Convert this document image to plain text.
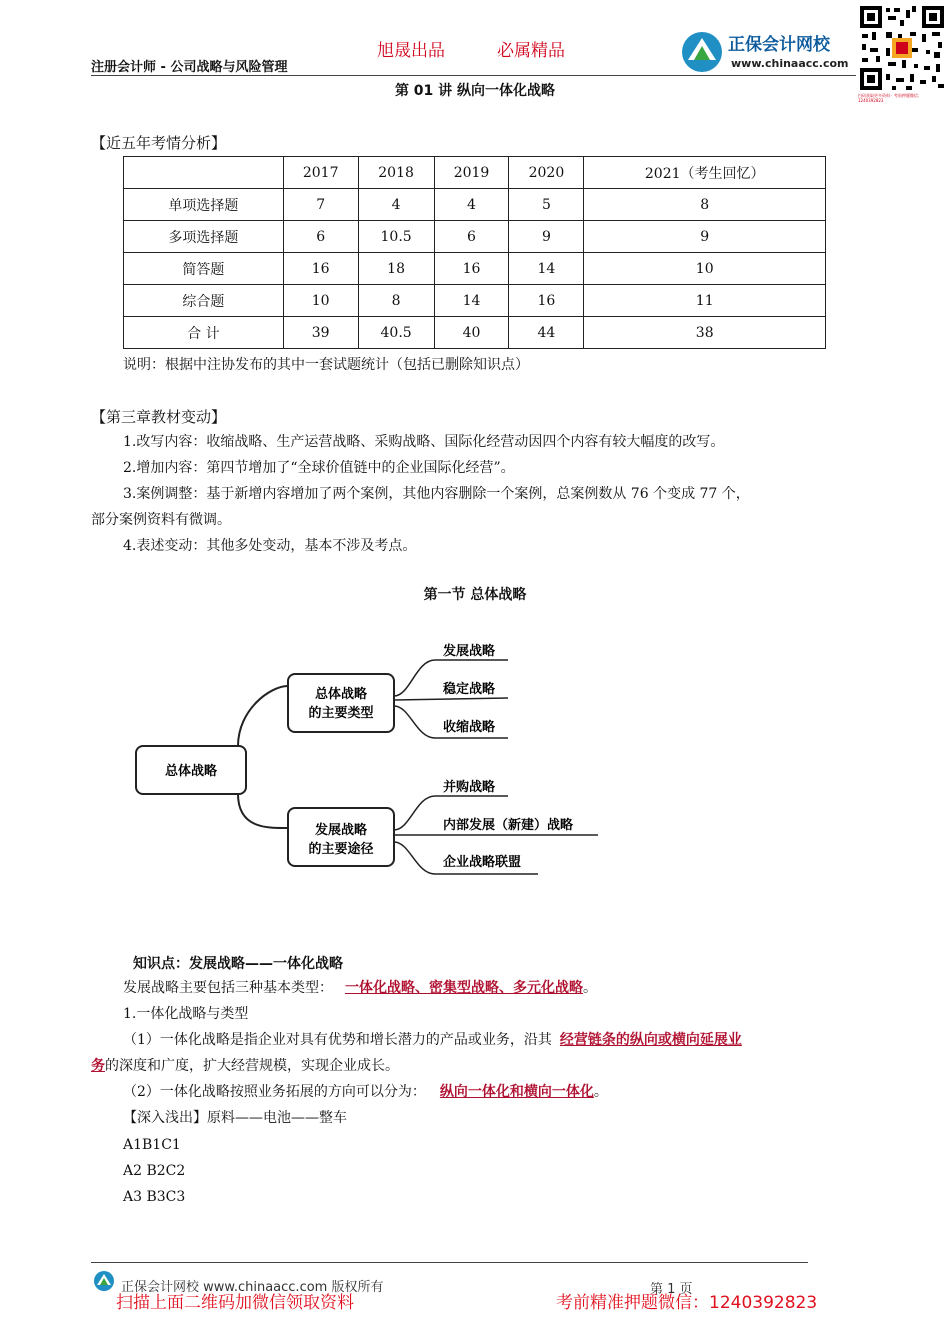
注册会计师 - 公司战略与风险管理
旭晟出品	必属精品	正保会计网校
www.chinaacc.com
扫码获取更多资料 · 考前押题微信：1240392823
第 01 讲 纵向一体化战略
【近五年考情分析】
	2017	2018	2019	2020	2021（考生回忆）
单项选择题	7	4	4	5	8
多项选择题	6	10.5	6	9	9
简答题	16	18	16	14	10
综合题	10	8	14	16	11
合 计	39	40.5	40	44	38
说明：根据中注协发布的其中一套试题统计（包括已删除知识点）
【第三章教材变动】
1.改写内容：收缩战略、生产运营战略、采购战略、国际化经营动因四个内容有较大幅度的改写。
2.增加内容：第四节增加了“全球价值链中的企业国际化经营”。
3.案例调整：基于新增内容增加了两个案例，其他内容删除一个案例，总案例数从 76 个变成 77 个，
部分案例资料有微调。
4.表述变动：其他多处变动，基本不涉及考点。
第一节 总体战略
总体战略
总体战略
的主要类型
发展战略
的主要途径
发展战略
稳定战略
收缩战略
并购战略
内部发展（新建）战略
企业战略联盟
知识点：发展战略——一体化战略
发展战略主要包括三种基本类型： 一体化战略、密集型战略、多元化战略。
1.一体化战略与类型
（1）一体化战略是指企业对具有优势和增长潜力的产品或业务，沿其 经营链条的纵向或横向延展业
务的深度和广度，扩大经营规模，实现企业成长。
（2）一体化战略按照业务拓展的方向可以分为： 纵向一体化和横向一体化。
【深入浅出】原料——电池——整车
A1B1C1
A2 B2C2
A3 B3C3
正保会计网校 www.chinaacc.com 版权所有	第 1 页
扫描上面二维码加微信领取资料	考前精准押题微信：1240392823
